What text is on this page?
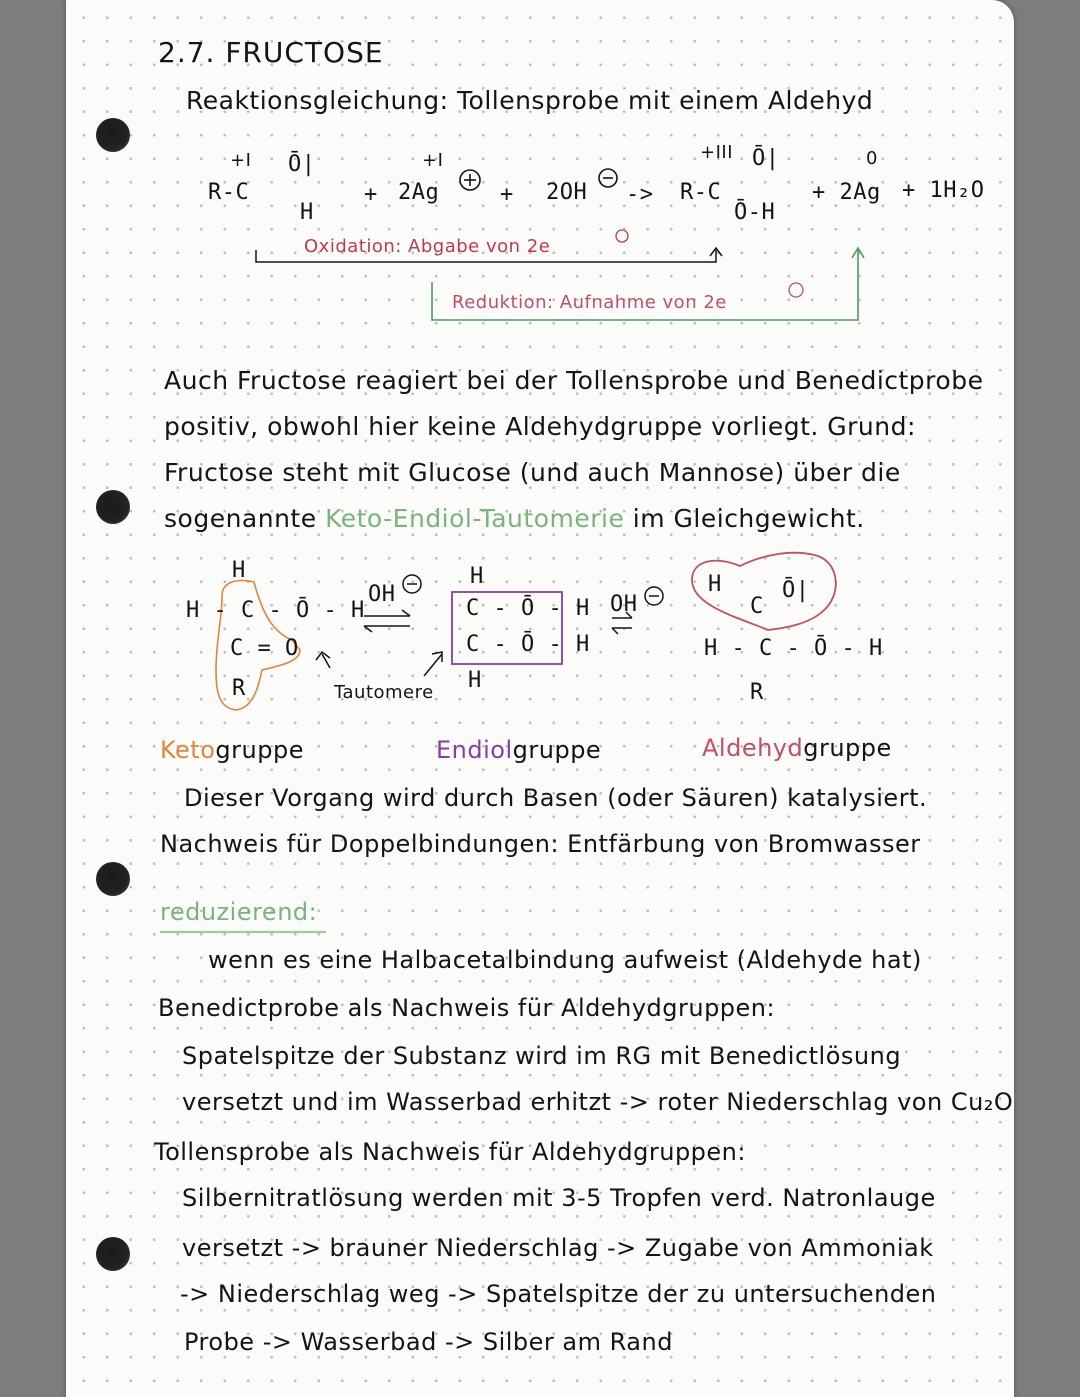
2.7. FRUCTOSE
Reaktionsgleichung: Tollensprobe mit einem Aldehyd
+I	+I	+III	0
Ō|
R-C
H
+ 2Ag	+ 2OH ->
Ō|
R-C
Ō-H
+ 2Ag + 1H₂O
Oxidation: Abgabe von 2e
Reduktion: Aufnahme von 2e
Auch Fructose reagiert bei der Tollensprobe und Benedictprobe
positiv, obwohl hier keine Aldehydgruppe vorliegt. Grund:
Fructose steht mit Glucose (und auch Mannose) über die
sogenannte Keto-Endiol-Tautomerie im Gleichgewicht.
H
H - C - Ō - H
C = O
R
OH
Tautomere
H
C - Ō - H
C - Ō - H
H
OH
H
C
Ō|
H - C - Ō - H
R
Ketogruppe	Endiolgruppe	Aldehydgruppe
Dieser Vorgang wird durch Basen (oder Säuren) katalysiert.
Nachweis für Doppelbindungen: Entfärbung von Bromwasser
reduzierend:
wenn es eine Halbacetalbindung aufweist (Aldehyde hat)
Benedictprobe als Nachweis für Aldehydgruppen:
Spatelspitze der Substanz wird im RG mit Benedictlösung
versetzt und im Wasserbad erhitzt -> roter Niederschlag von Cu₂O
Tollensprobe als Nachweis für Aldehydgruppen:
Silbernitratlösung werden mit 3-5 Tropfen verd. Natronlauge
versetzt -> brauner Niederschlag -> Zugabe von Ammoniak
-> Niederschlag weg -> Spatelspitze der zu untersuchenden
Probe -> Wasserbad -> Silber am Rand
